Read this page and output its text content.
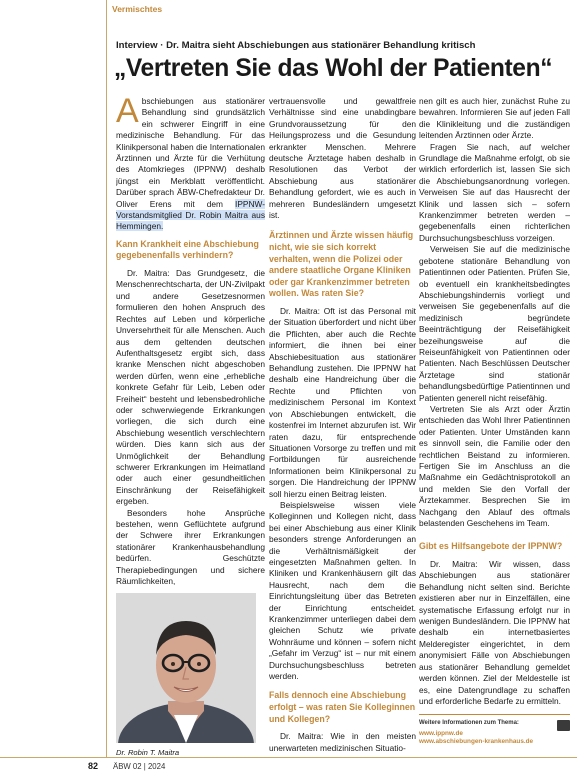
Vermischtes
Interview · Dr. Maitra sieht Abschiebungen aus stationärer Behandlung kritisch
„Vertreten Sie das Wohl der Patienten“

Abschiebungen aus stationärer Behandlung sind grundsätzlich ein schwerer Eingriff in eine medizinische Behandlung. Für das Klinikpersonal haben die Internationalen Ärztinnen und Ärzte für die Verhütung des Atomkrieges (IPPNW) deshalb jüngst ein Merkblatt veröffentlicht. Darüber sprach ÄBW-Chefredakteur Dr. Oliver Erens mit dem IPPNW-Vorstandsmitglied Dr. Robin Maitra aus Hemmingen.

Kann Krankheit eine Abschiebung gegebenenfalls verhindern?

Dr. Maitra: Das Grundgesetz, die Menschenrechtscharta, der UN-Zivilpakt und andere Gesetzesnormen formulieren den hohen Anspruch des Rechtes auf Leben und körperliche Unversehrtheit für alle Menschen. Auch aus dem geltenden deutschen Aufenthaltsgesetz ergibt sich, dass kranke Menschen nicht abgeschoben werden dürfen, wenn eine „erhebliche konkrete Gefahr für Leib, Leben oder Freiheit“ besteht und lebensbedrohliche oder schwerwiegende Erkrankungen vorliegen, die sich durch eine Abschiebung wesentlich verschlechtern würden. Dies kann sich aus der Unmöglichkeit der Behandlung schwerer Erkrankungen im Heimatland oder auch einer gesundheitlichen Einschränkung der Reisefähigkeit ergeben.

Besonders hohe Ansprüche bestehen, wenn Geflüchtete aufgrund der Schwere ihrer Erkrankungen stationärer Krankenhausbehandlung bedürfen. Geschützte Therapiebedingungen und sichere Räumlichkeiten,

Dr. Robin T. Maitra

vertrauensvolle und gewaltfreie Verhältnisse sind eine unabdingbare Grundvoraussetzung für den Heilungsprozess und die Gesundung erkrankter Menschen. Mehrere deutsche Ärztetage haben deshalb in Resolutionen das Verbot der Abschiebung aus stationärer Behandlung gefordert, wie es auch in mehreren Bundesländern umgesetzt ist.

Ärztinnen und Ärzte wissen häufig nicht, wie sie sich korrekt verhalten, wenn die Polizei oder andere staatliche Organe Kliniken oder gar Krankenzimmer betreten wollen. Was raten Sie?

Dr. Maitra: Oft ist das Personal mit der Situation überfordert und nicht über die Pflichten, aber auch die Rechte informiert, die ihnen bei einer Abschiebesituation aus stationärer Behandlung zustehen. Die IPPNW hat deshalb eine Handreichung über die Rechte und Pflichten von medizinischem Personal im Kontext von Abschiebungen entwickelt, die kostenfrei im Internet abzurufen ist. Wir raten dazu, für entsprechende Situationen Vorsorge zu treffen und mit Fortbildungen für ausreichende Informationen beim Klinikpersonal zu sorgen. Die Handreichung der IPPNW soll hierzu einen Beitrag leisten.

Beispielsweise wissen viele Kolleginnen und Kollegen nicht, dass bei einer Abschiebung aus einer Klinik besonders strenge Anforderungen an die Verhältnismäßigkeit der eingesetzten Maßnahmen gelten. In Kliniken und Krankenhäusern gilt das Hausrecht, nach dem die Einrichtungsleitung über das Betreten der Einrichtung entscheidet. Krankenzimmer unterliegen dabei dem gleichen Schutz wie private Wohnräume und können – sofern nicht „Gefahr im Verzug“ ist – nur mit einem Durchsuchungsbeschluss betreten werden.

Falls dennoch eine Abschiebung erfolgt – was raten Sie Kolleginnen und Kollegen?

Dr. Maitra: Wie in den meisten unerwarteten medizinischen Situatio-

nen gilt es auch hier, zunächst Ruhe zu bewahren. Informieren Sie auf jeden Fall die Klinikleitung und die zuständigen leitenden Ärztinnen oder Ärzte.

Fragen Sie nach, auf welcher Grundlage die Maßnahme erfolgt, ob sie wirklich erforderlich ist, lassen Sie sich die Abschiebungsanordnung vorlegen. Verweisen Sie auf das Hausrecht der Klinik und lassen sich – sofern Krankenzimmer betreten werden – gegebenenfalls einen richterlichen Durchsuchungsbeschluss vorzeigen.

Verweisen Sie auf die medizinische gebotene stationäre Behandlung von Patientinnen oder Patienten. Prüfen Sie, ob eventuell ein krankheitsbedingtes Abschiebungshindernis vorliegt und verweisen Sie gegebenenfalls auf die medizinisch begründete Beeinträchtigung der Reisefähigkeit bezeihungsweise auf die Reiseunfähigkeit von Patientinnen oder Patienten. Nach Beschlüssen Deutscher Ärztetage sind stationär behandlungsbedürftige Patientinnen und Patienten generell nicht reisefähig.

Vertreten Sie als Arzt oder Ärztin entschieden das Wohl Ihrer Patientinnen oder Patienten. Unter Umständen kann es sinnvoll sein, die Familie oder den rechtlichen Beistand zu informieren. Fertigen Sie im Anschluss an die Maßnahme ein Gedächtnisprotokoll an und melden Sie den Vorfall der Ärztekammer. Besprechen Sie im Nachgang den Ablauf des oftmals belastenden Geschehens im Team.

Gibt es Hilfsangebote der IPPNW?

Dr. Maitra: Wir wissen, dass Abschiebungen aus stationärer Behandlung nicht selten sind. Berichte existieren aber nur in Einzelfällen, eine systematische Erfassung erfolgt nur in wenigen Bundesländern. Die IPPNW hat deshalb ein internetbasiertes Melderegister eingerichtet, in dem anonymisiert Fälle von Abschiebungen aus stationärer Behandlung gemeldet werden können. Ziel der Meldestelle ist es, eine Datengrundlage zu schaffen und erforderliche Bedarfe zu ermitteln.

Weitere Informationen zum Thema:
www.ippnw.de
www.abschiebungen-krankenhaus.de
82 ÄBW 02 | 2024
